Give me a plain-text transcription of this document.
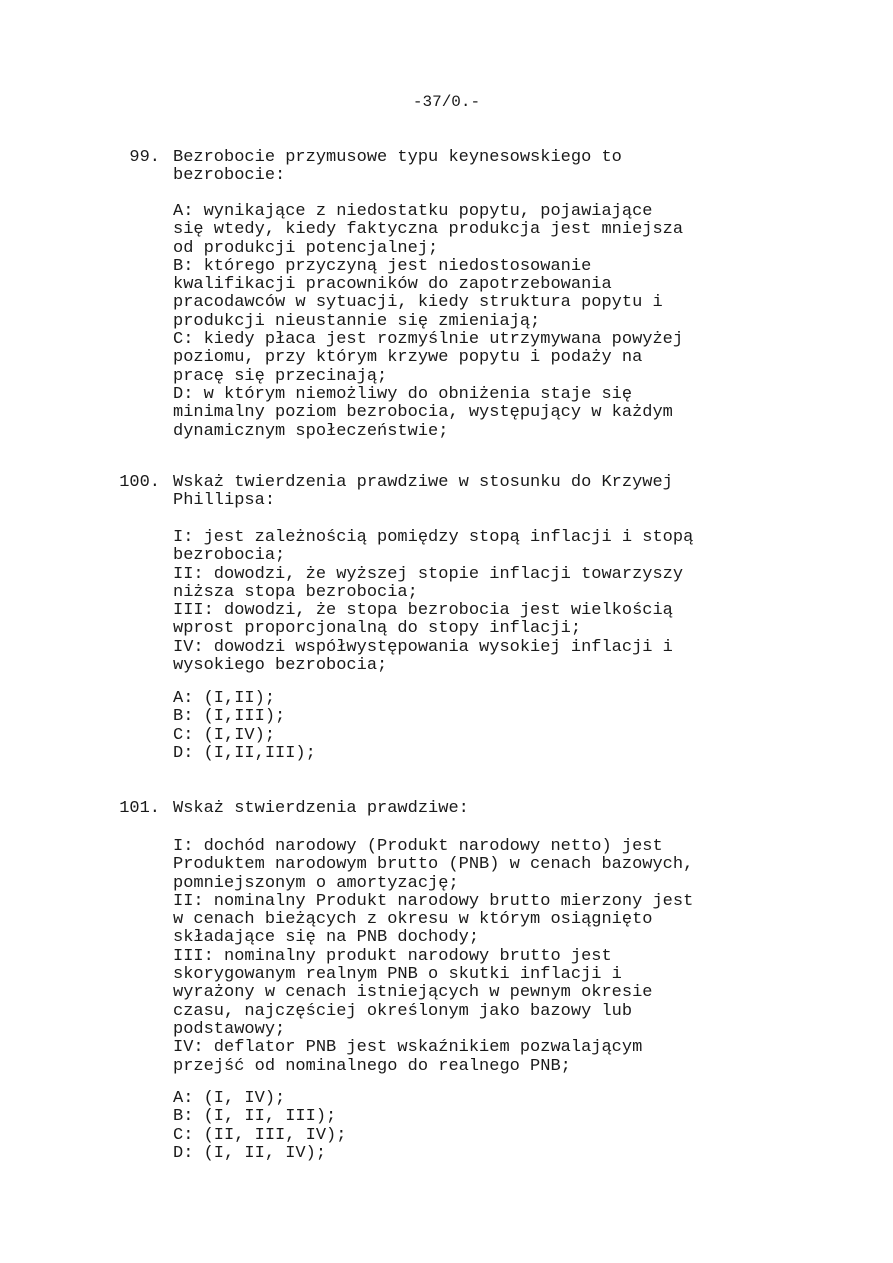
-37/0.-
99. Bezrobocie przymusowe typu keynesowskiego to
bezrobocie:
A: wynikające z niedostatku popytu, pojawiające
się wtedy, kiedy faktyczna produkcja jest mniejsza
od produkcji potencjalnej;
B: którego przyczyną jest niedostosowanie
kwalifikacji pracowników do zapotrzebowania
pracodawców w sytuacji, kiedy struktura popytu i
produkcji nieustannie się zmieniają;
C: kiedy płaca jest rozmyślnie utrzymywana powyżej
poziomu, przy którym krzywe popytu i podaży na
pracę się przecinają;
D: w którym niemożliwy do obniżenia staje się
minimalny poziom bezrobocia, występujący w każdym
dynamicznym społeczeństwie;
100. Wskaż twierdzenia prawdziwe w stosunku do Krzywej
Phillipsa:
I: jest zależnością pomiędzy stopą inflacji i stopą
bezrobocia;
II: dowodzi, że wyższej stopie inflacji towarzyszy
niższa stopa bezrobocia;
III: dowodzi, że stopa bezrobocia jest wielkością
wprost proporcjonalną do stopy inflacji;
IV: dowodzi współwystępowania wysokiej inflacji i
wysokiego bezrobocia;
A: (I,II);
B: (I,III);
C: (I,IV);
D: (I,II,III);
101. Wskaż stwierdzenia prawdziwe:
I: dochód narodowy (Produkt narodowy netto) jest
Produktem narodowym brutto (PNB) w cenach bazowych,
pomniejszonym o amortyzację;
II: nominalny Produkt narodowy brutto mierzony jest
w cenach bieżących z okresu w którym osiągnięto
składające się na PNB dochody;
III: nominalny produkt narodowy brutto jest
skorygowanym realnym PNB o skutki inflacji i
wyrażony w cenach istniejących w pewnym okresie
czasu, najczęściej określonym jako bazowy lub
podstawowy;
IV: deflator PNB jest wskaźnikiem pozwalającym
przejść od nominalnego do realnego PNB;
A: (I, IV);
B: (I, II, III);
C: (II, III, IV);
D: (I, II, IV);
